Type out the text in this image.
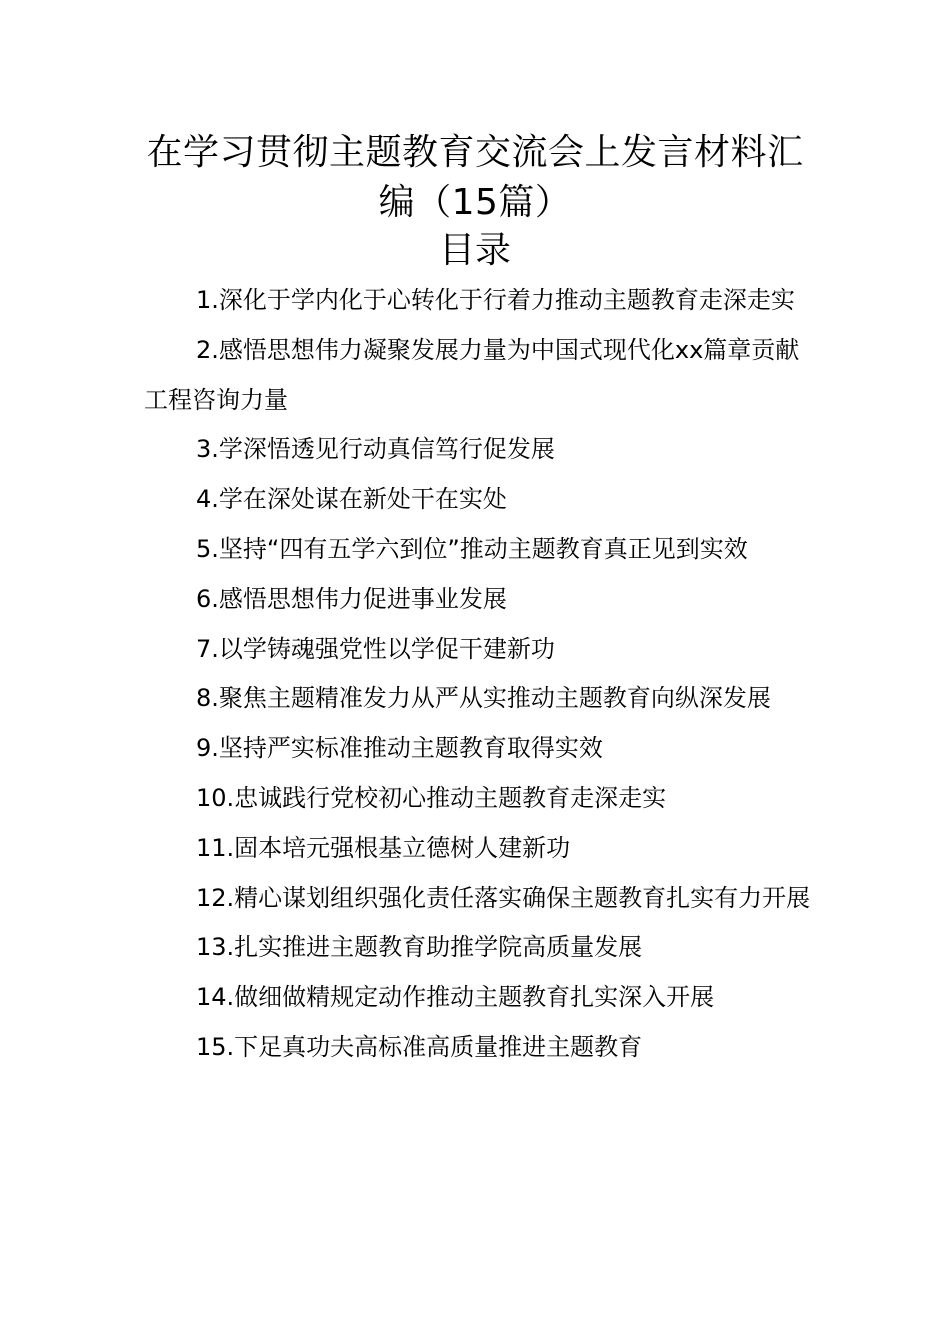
在学习贯彻主题教育交流会上发言材料汇
编（15篇）
目录
1.深化于学内化于心转化于行着力推动主题教育走深走实
2.感悟思想伟力凝聚发展力量为中国式现代化xx篇章贡献工程咨询力量
3.学深悟透见行动真信笃行促发展
4.学在深处谋在新处干在实处
5.坚持“四有五学六到位”推动主题教育真正见到实效
6.感悟思想伟力促进事业发展
7.以学铸魂强党性以学促干建新功
8.聚焦主题精准发力从严从实推动主题教育向纵深发展
9.坚持严实标准推动主题教育取得实效
10.忠诚践行党校初心推动主题教育走深走实
11.固本培元强根基立德树人建新功
12.精心谋划组织强化责任落实确保主题教育扎实有力开展
13.扎实推进主题教育助推学院高质量发展
14.做细做精规定动作推动主题教育扎实深入开展
15.下足真功夫高标准高质量推进主题教育
